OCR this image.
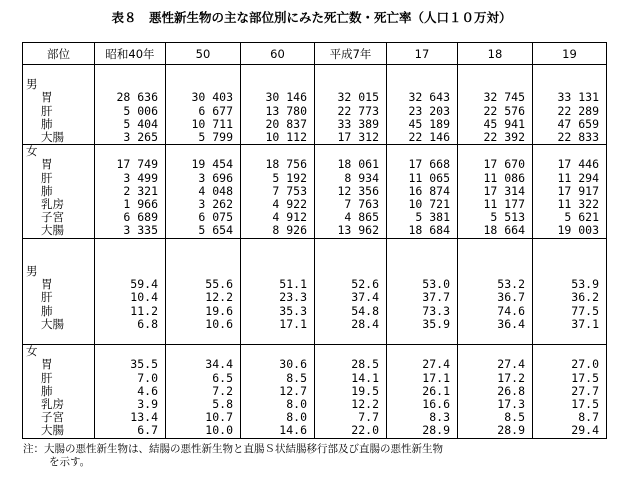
表８　悪性新生物の主な部位別にみた死亡数・死亡率（人口１０万対）
部位	昭和40年	50	60	平成7年	17	18	19

男							
胃	28 636	30 403	30 146	32 015	32 643	32 745	33 131
肝	5 006	6 677	13 780	22 773	23 203	22 576	22 289
肺	5 404	10 711	20 837	33 389	45 189	45 941	47 659
大腸	3 265	5 799	10 112	17 312	22 146	22 392	22 833
女							
胃	17 749	19 454	18 756	18 061	17 668	17 670	17 446
肝	3 499	3 696	5 192	8 934	11 065	11 086	11 294
肺	2 321	4 048	7 753	12 356	16 874	17 314	17 917
乳房	1 966	3 262	4 922	7 763	10 721	11 177	11 322
子宮	6 689	6 075	4 912	4 865	5 381	5 513	5 621
大腸	3 335	5 654	8 926	13 962	18 684	18 664	19 003

男							
胃	59.4	55.6	51.1	52.6	53.0	53.2	53.9
肝	10.4	12.2	23.3	37.4	37.7	36.7	36.2
肺	11.2	19.6	35.3	54.8	73.3	74.6	77.5
大腸	6.8	10.6	17.1	28.4	35.9	36.4	37.1

女							
胃	35.5	34.4	30.6	28.5	27.4	27.4	27.0
肝	7.0	6.5	8.5	14.1	17.1	17.2	17.5
肺	4.6	7.2	12.7	19.5	26.1	26.8	27.7
乳房	3.9	5.8	8.0	12.2	16.6	17.3	17.5
子宮	13.4	10.7	8.0	7.7	8.3	8.5	8.7
大腸	6.7	10.0	14.6	22.0	28.9	28.9	29.4
注：大腸の悪性新生物は、結腸の悪性新生物と直腸Ｓ状結腸移行部及び直腸の悪性新生物
を示す。
